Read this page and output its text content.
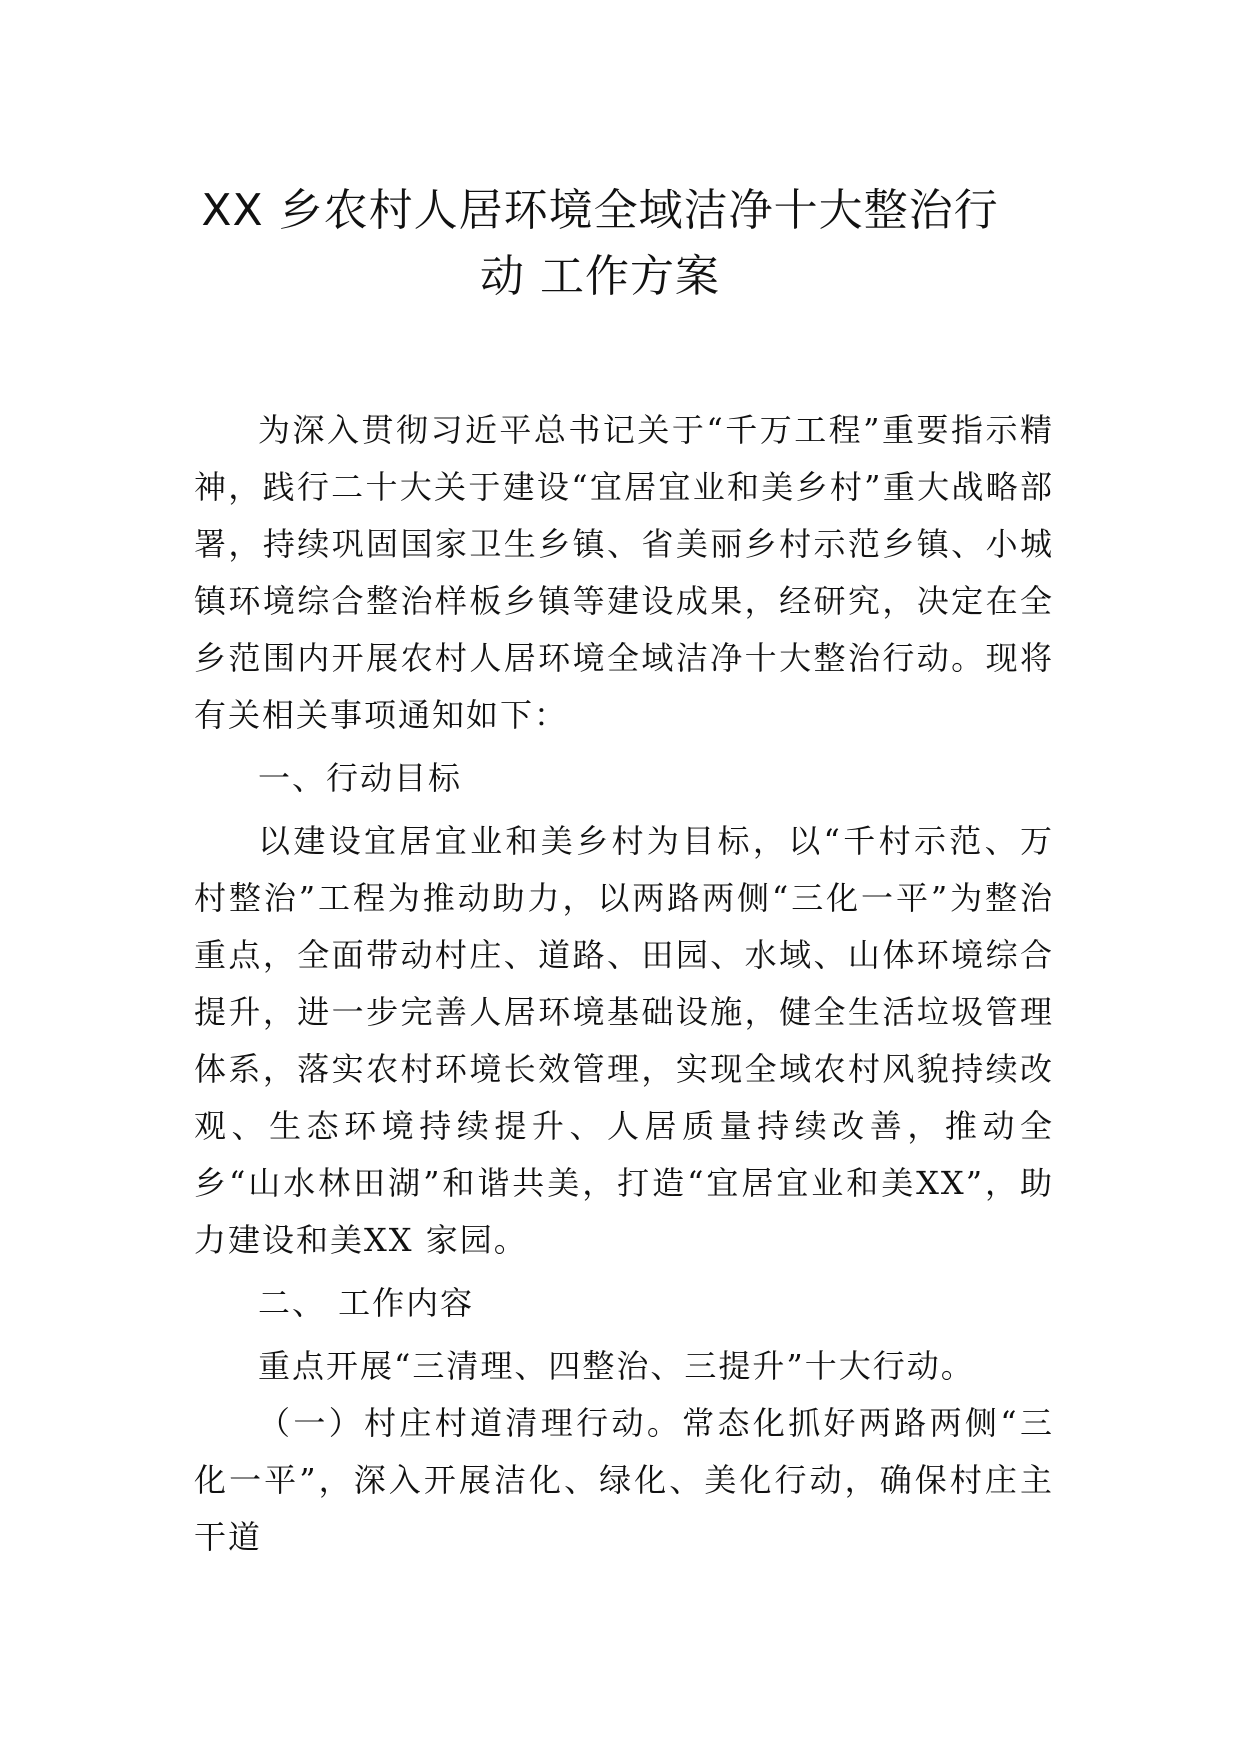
XX 乡农村人居环境全域洁净十大整治行
动 工作方案

为深入贯彻习近平总书记关于“千万工程”重要指示精神，践行二十大关于建设“宜居宜业和美乡村”重大战略部署，持续巩固国家卫生乡镇、省美丽乡村示范乡镇、小城镇环境综合整治样板乡镇等建设成果，经研究，决定在全乡范围内开展农村人居环境全域洁净十大整治行动。现将有关相关事项通知如下：

一、行动目标

以建设宜居宜业和美乡村为目标，以“千村示范、万村整治”工程为推动助力，以两路两侧“三化一平”为整治重点，全面带动村庄、道路、田园、水域、山体环境综合提升，进一步完善人居环境基础设施，健全生活垃圾管理体系，落实农村环境长效管理，实现全域农村风貌持续改观、生态环境持续提升、人居质量持续改善，推动全乡“山水林田湖”和谐共美，打造“宜居宜业和美XX”，助力建设和美XX 家园。

二、 工作内容

重点开展“三清理、四整治、三提升”十大行动。

（一）村庄村道清理行动。常态化抓好两路两侧“三化一平”，深入开展洁化、绿化、美化行动，确保村庄主干道
